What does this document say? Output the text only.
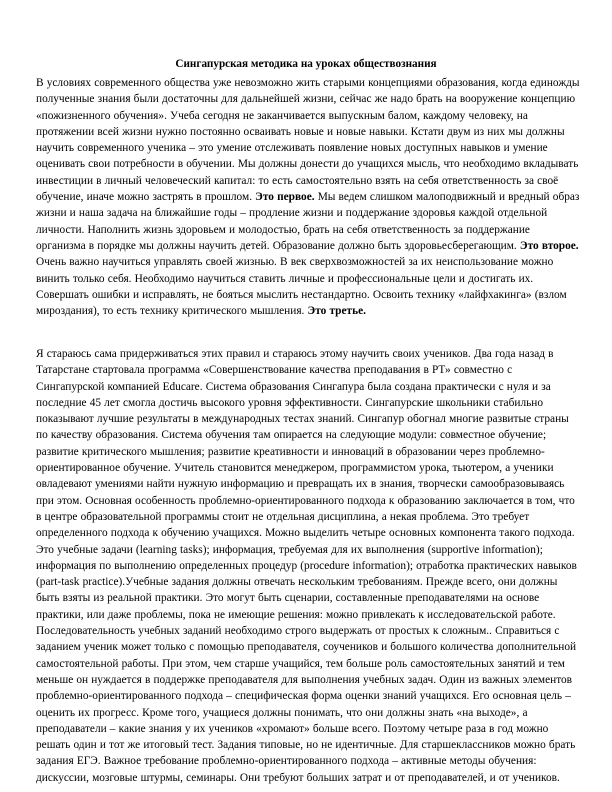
Сингапурская методика на уроках обществознания

В условиях современного общества уже невозможно жить старыми концепциями образования, когда единожды полученные знания были достаточны для дальнейшей жизни, сейчас же надо брать на вооружение концепцию «пожизненного обучения». Учеба сегодня не заканчивается выпускным балом, каждому человеку, на протяжении всей жизни нужно постоянно осваивать новые и новые навыки. Кстати двум из них мы должны научить современного ученика – это умение отслеживать появление новых доступных навыков и умение оценивать свои потребности в обучении. Мы должны донести до учащихся мысль, что необходимо вкладывать инвестиции в личный человеческий капитал: то есть самостоятельно взять на себя ответственность за своё обучение, иначе можно застрять в прошлом. Это первое. Мы ведем слишком малоподвижный и вредный образ жизни и наша задача на ближайшие годы – продление жизни и поддержание здоровья каждой отдельной личности. Наполнить жизнь здоровьем и молодостью, брать на себя ответственность за поддержание организма в порядке мы должны научить детей. Образование должно быть здоровьесберегающим. Это второе. Очень важно научиться управлять своей жизнью. В век сверхвозможностей за их неиспользование можно винить только себя. Необходимо научиться ставить личные и профессиональные цели и достигать их. Совершать ошибки и исправлять, не бояться мыслить нестандартно. Освоить технику «лайфхакинга» (взлом мироздания), то есть технику критического мышления. Это третье.

Я стараюсь сама придерживаться этих правил и стараюсь этому научить своих учеников. Два года назад в Татарстане стартовала программа «Совершенствование качества преподавания в РТ» совместно с Сингапурской компанией Educare. Система образования Сингапура была создана практически с нуля и за последние 45 лет смогла достичь высокого уровня эффективности. Сингапурские школьники стабильно показывают лучшие результаты в международных тестах знаний. Сингапур обогнал многие развитые страны по качеству образования. Система обучения там опирается на следующие модули: совместное обучение; развитие критического мышления; развитие креативности и инноваций в образовании через проблемно-ориентированное обучение. Учитель становится менеджером, программистом урока, тьютером, а ученики овладевают умениями найти нужную информацию и превращать их в знания, творчески самообразовываясь при этом. Основная особенность проблемно-ориентированного подхода к образованию заключается в том, что в центре образовательной программы стоит не отдельная дисциплина, а некая проблема. Это требует определенного подхода к обучению учащихся. Можно выделить четыре основных компонента такого подхода. Это учебные задачи (learning tasks); информация, требуемая для их выполнения (supportive information); информация по выполнению определенных процедур (procedure information); отработка практических навыков (part-task practice).Учебные задания должны отвечать нескольким требованиям. Прежде всего, они должны быть взяты из реальной практики. Это могут быть сценарии, составленные преподавателями на основе практики, или даже проблемы, пока не имеющие решения: можно привлекать к исследовательской работе. Последовательность учебных заданий необходимо строго выдержать от простых к сложным.. Справиться с заданием ученик может только с помощью преподавателя, соучеников и большого количества дополнительной самостоятельной работы. При этом, чем старше учащийся, тем больше роль самостоятельных занятий и тем меньше он нуждается в поддержке преподавателя для выполнения учебных задач. Один из важных элементов проблемно-ориентированного подхода – специфическая форма оценки знаний учащихся. Его основная цель – оценить их прогресс. Кроме того, учащиеся должны понимать, что они должны знать «на выходе», а преподаватели – какие знания у их учеников «хромают» больше всего. Поэтому четыре раза в год можно решать один и тот же итоговый тест. Задания типовые, но не идентичные. Для старшеклассников можно брать задания ЕГЭ. Важное требование проблемно-ориентированного подхода – активные методы обучения: дискуссии, мозговые штурмы, семинары. Они требуют больших затрат и от преподавателей, и от учеников.
